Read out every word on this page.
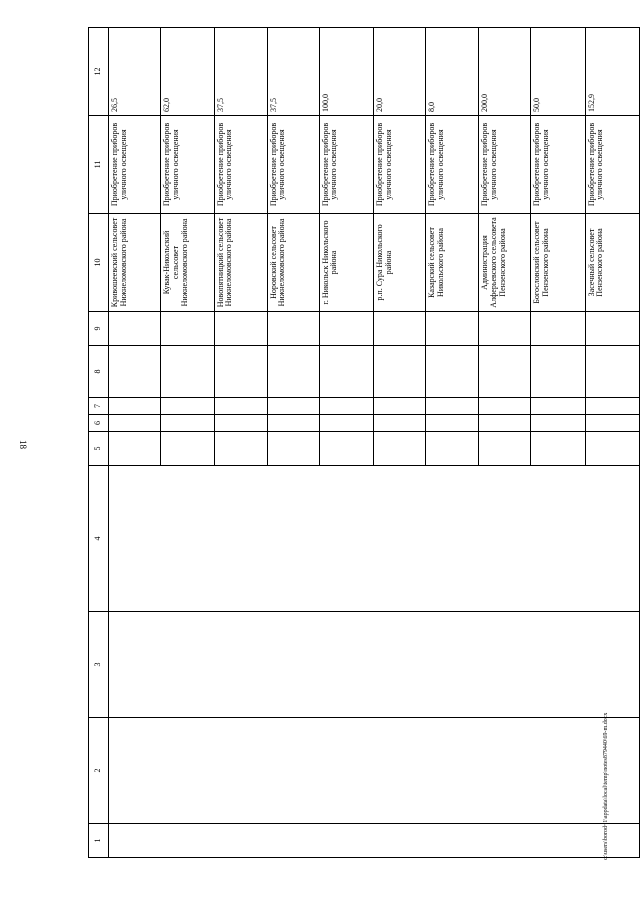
18
1	2	3	4	5	6	7	8	9	10	11	12

									Кривошеевский сельсовет Нижнеломовского района	Приобретение приборов уличного освещения	26,5

									Кувак-Никольский сельсовет Нижнеломовского района	Приобретение приборов уличного освещения	62,0

									Новопятницкий сельсовет Нижнеломовского района	Приобретение приборов уличного освещения	37,5

									Норовский сельсовет Нижнеломовского района	Приобретение приборов уличного освещения	37,5

									г. Никольск Никольского района	Приобретение приборов уличного освещения	100,0

									р.п. Сура Никольского района	Приобретение приборов уличного освещения	20,0

									Казарский сельсовет Никольского района	Приобретение приборов уличного освещения	8,0

									Администрация Алферьевского сельсовета Пензенского района	Приобретение приборов уличного освещения	200,0

									Богословский сельсовет Пензенского района	Приобретение приборов уличного освещения	50,0

									Засечный сельсовет Пензенского района	Приобретение приборов уличного освещения	152,9
c:\users\borod~1\appdata\local\temp\notes879440\69-m.docx
